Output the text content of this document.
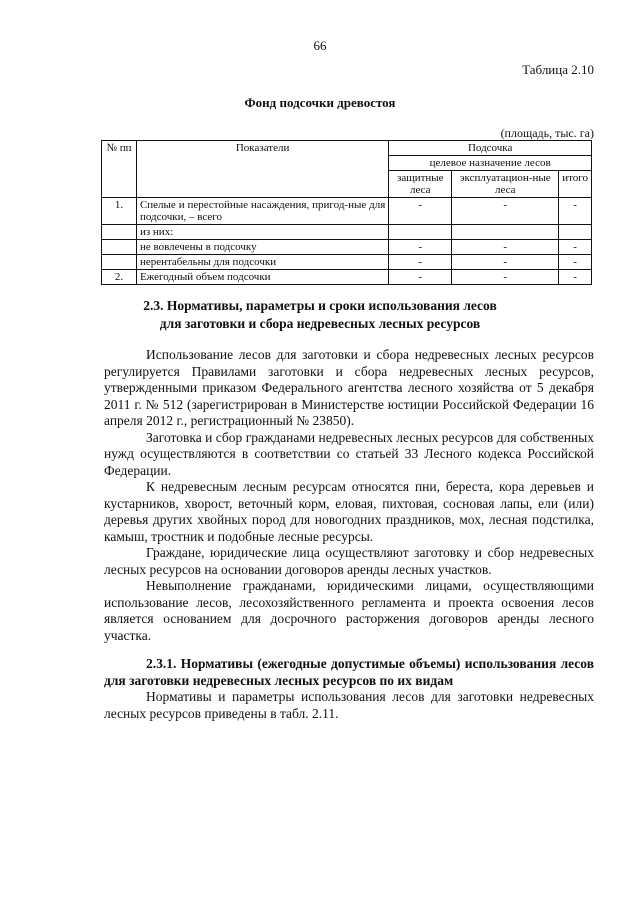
66
Таблица 2.10
Фонд подсочки древостоя
(площадь, тыс. га)
№ пп	Показатели	Подсочка		
		целевое назначение лесов		
		защитные леса	эксплуатацион-ные леса	итого
1.	Спелые и перестойные насаждения, пригод-ные для подсочки, – всего	-	-	-
	из них:			
	не вовлечены в подсочку	-	-	-
	нерентабельны для подсочки	-	-	-
2.	Ежегодный объем подсочки	-	-	-
2.3. Нормативы, параметры и сроки использования лесов
для заготовки и сбора недревесных лесных ресурсов

Использование лесов для заготовки и сбора недревесных лесных ресурсов регулируется Правилами заготовки и сбора недревесных лесных ресурсов, утвержденными приказом Федерального агентства лесного хозяйства от 5 декабря 2011 г. № 512 (зарегистрирован в Министерстве юстиции Российской Федерации 16 апреля 2012 г., регистрационный № 23850).

Заготовка и сбор гражданами недревесных лесных ресурсов для собственных нужд осуществляются в соответствии со статьей 33 Лесного кодекса Российской Федерации.

К недревесным лесным ресурсам относятся пни, береста, кора деревьев и кустарников, хворост, веточный корм, еловая, пихтовая, сосновая лапы, ели (или) деревья других хвойных пород для новогодних праздников, мох, лесная подстилка, камыш, тростник и подобные лесные ресурсы.

Граждане, юридические лица осуществляют заготовку и сбор недревесных лесных ресурсов на основании договоров аренды лесных участков.

Невыполнение гражданами, юридическими лицами, осуществляющими использование лесов, лесохозяйственного регламента и проекта освоения лесов является основанием для досрочного расторжения договоров аренды лесного участка.

2.3.1. Нормативы (ежегодные допустимые объемы) использования лесов для заготовки недревесных лесных ресурсов по их видам

Нормативы и параметры использования лесов для заготовки недревесных лесных ресурсов приведены в табл. 2.11.
